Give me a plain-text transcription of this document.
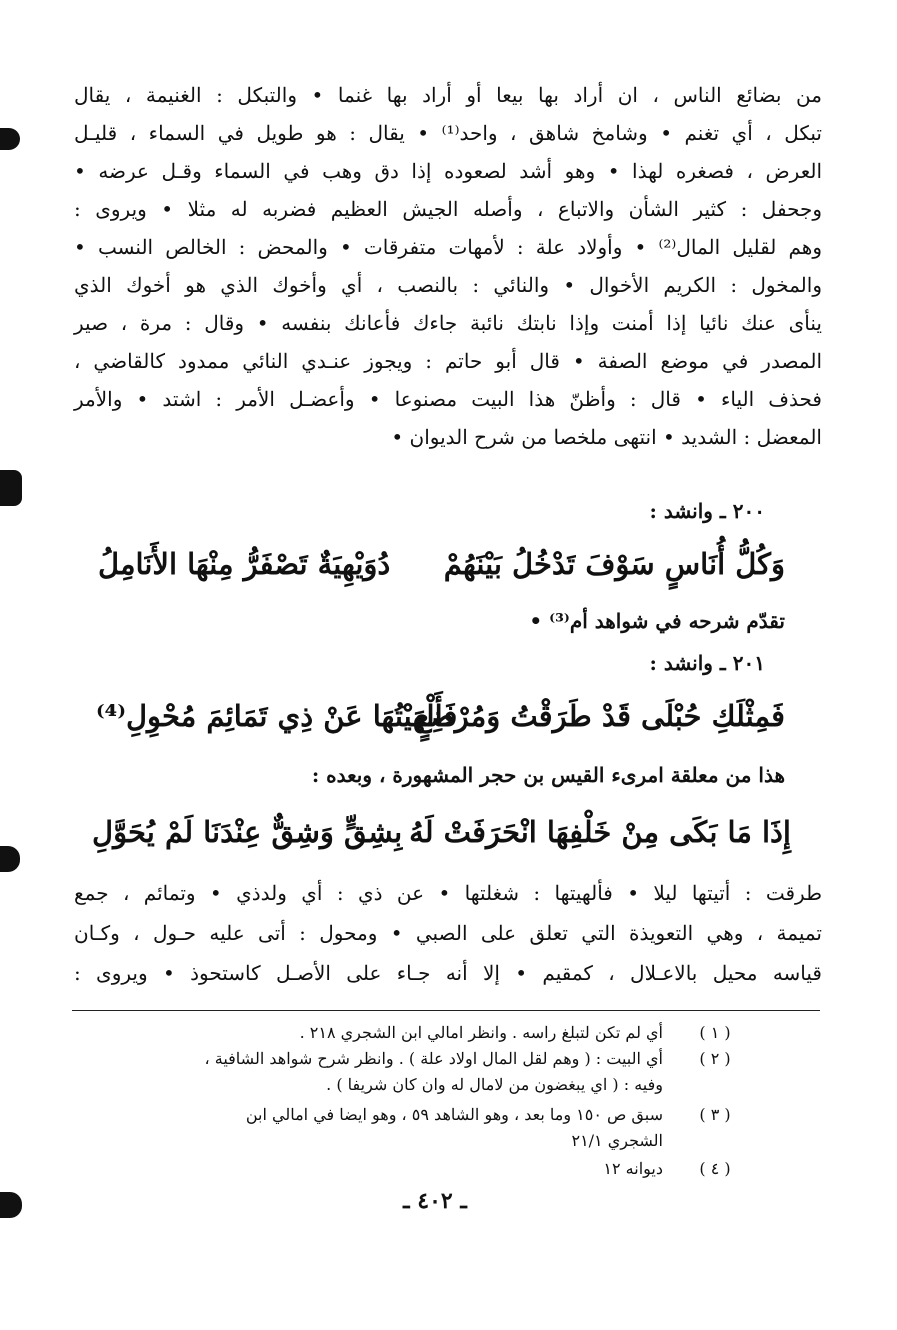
من بضائع الناس ، ان أراد بها بيعا أو أراد بها غنما • والتبكل : الغنيمة ، يقال
تبكل ، أي تغنم • وشامخ شاهق ، واحد⁽¹⁾ • يقال : هو طويل في السماء ، قليـل
العرض ، فصغره لهذا • وهو أشد لصعوده إذا دق وهب في السماء وقـل عرضه •
وجحفل : كثير الشأن والاتباع ، وأصله الجيش العظيم فضربه له مثلا • ويروى :
وهم لقليل المال⁽²⁾ • وأولاد علة : لأمهات متفرقات • والمحض : الخالص النسب •
والمخول : الكريم الأخوال • والنائي : بالنصب ، أي وأخوك الذي هو أخوك الذي
ينأى عنك نائيا إذا أمنت وإذا نابتك نائبة جاءك فأعانك بنفسه • وقال : مرة ، صير
المصدر في موضع الصفة • قال أبو حاتم : ويجوز عنـدي النائي ممدود كالقاضي ،
فحذف الياء • قال : وأظنّ هذا البيت مصنوعا • وأعضـل الأمر : اشتد • والأمر
المعضل : الشديد • انتهى ملخصا من شرح الديوان •
٢٠٠ ـ وانشد :
وَكُلُّ أُنَاسٍ سَوْفَ تَدْخُلُ بَيْنَهُمْ
دُوَيْهِيَةٌ تَصْفَرُّ مِنْهَا الأَنَامِلُ
تقدّم شرحه في شواهد أم⁽³⁾ •
٢٠١ ـ وانشد :
فَمِثْلَكِ حُبْلَى قَدْ طَرَقْتُ وَمُرْضِعٍ
فَأَلْهَيْتُهَا عَنْ ذِي تَمَائِمَ مُحْوِلِ⁽⁴⁾
هذا من معلقة امرىء القيس بن حجر المشهورة ، وبعده :
إِذَا مَا بَكَى مِنْ خَلْفِهَا انْحَرَفَتْ لَهُ
بِشِقٍّ وَشِقٌّ عِنْدَنَا لَمْ يُحَوَّلِ
طرقت : أتيتها ليلا • فألهيتها : شغلتها • عن ذي : أي ولدذي • وتمائم ، جمع
تميمة ، وهي التعويذة التي تعلق على الصبي • ومحول : أتى عليه حـول ، وكـان
قياسه محيل بالاعـلال ، كمقيم • إلا أنه جـاء على الأصـل كاستحوذ • ويروى :
( ١ )
أي لم تكن لتبلغ راسه . وانظر امالي ابن الشجري ٢١٨ .
( ٢ )
أي البيت : ( وهم لقل المال اولاد علة ) . وانظر شرح شواهد الشافية ،
وفيه : ( اي يبغضون من لامال له وان كان شريفا ) .
( ٣ )
سبق ص ١٥٠ وما بعد ، وهو الشاهد ٥٩ ، وهو ايضا في امالي ابن
الشجري ٢١/١
( ٤ )
ديوانه ١٢
ـ ٤٠٢ ـ
